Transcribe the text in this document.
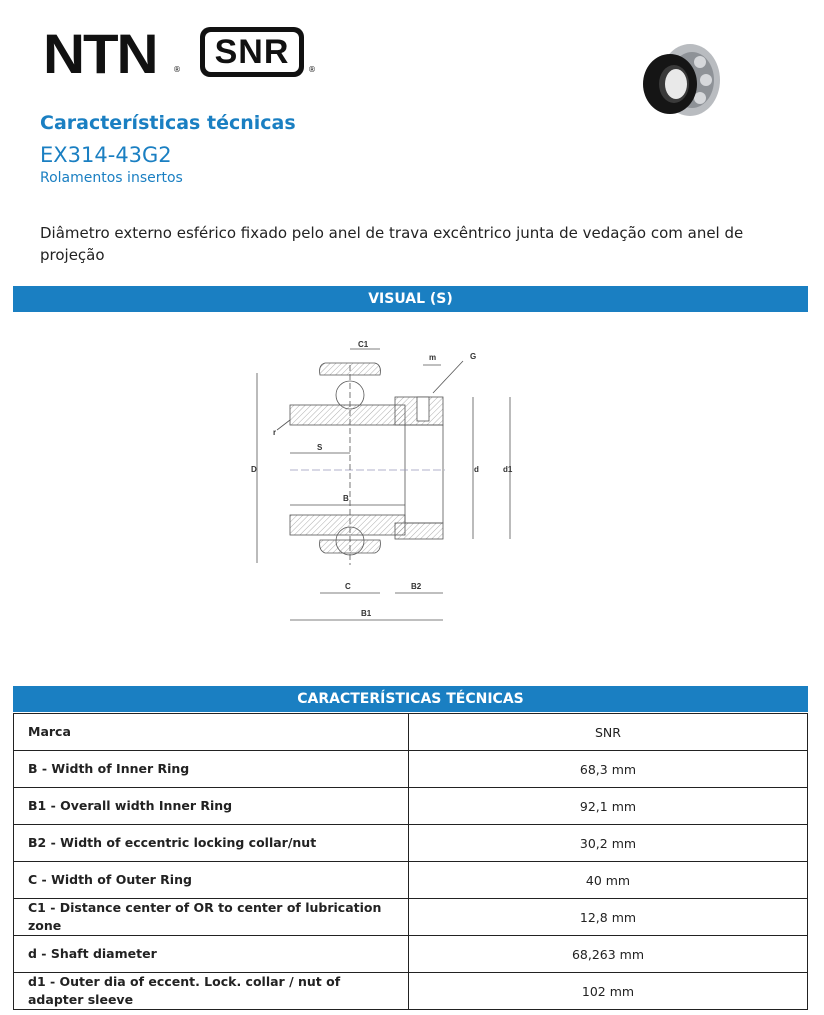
NTN ® SNR	®
Características técnicas
EX314-43G2
Rolamentos insertos
Diâmetro externo esférico fixado pelo anel de trava excêntrico junta de vedação com anel de projeção
VISUAL (S)
C1
m	G
r
S
D	d	d1
B
C	B2
B1
CARACTERÍSTICAS TÉCNICAS
Marca	SNR
B - Width of Inner Ring	68,3 mm
B1 - Overall width Inner Ring	92,1 mm
B2 - Width of eccentric locking collar/nut	30,2 mm
C - Width of Outer Ring	40 mm
C1 - Distance center of OR to center of lubrication zone	12,8 mm
d - Shaft diameter	68,263 mm
d1 - Outer dia of eccent. Lock. collar / nut of adapter sleeve	102 mm
